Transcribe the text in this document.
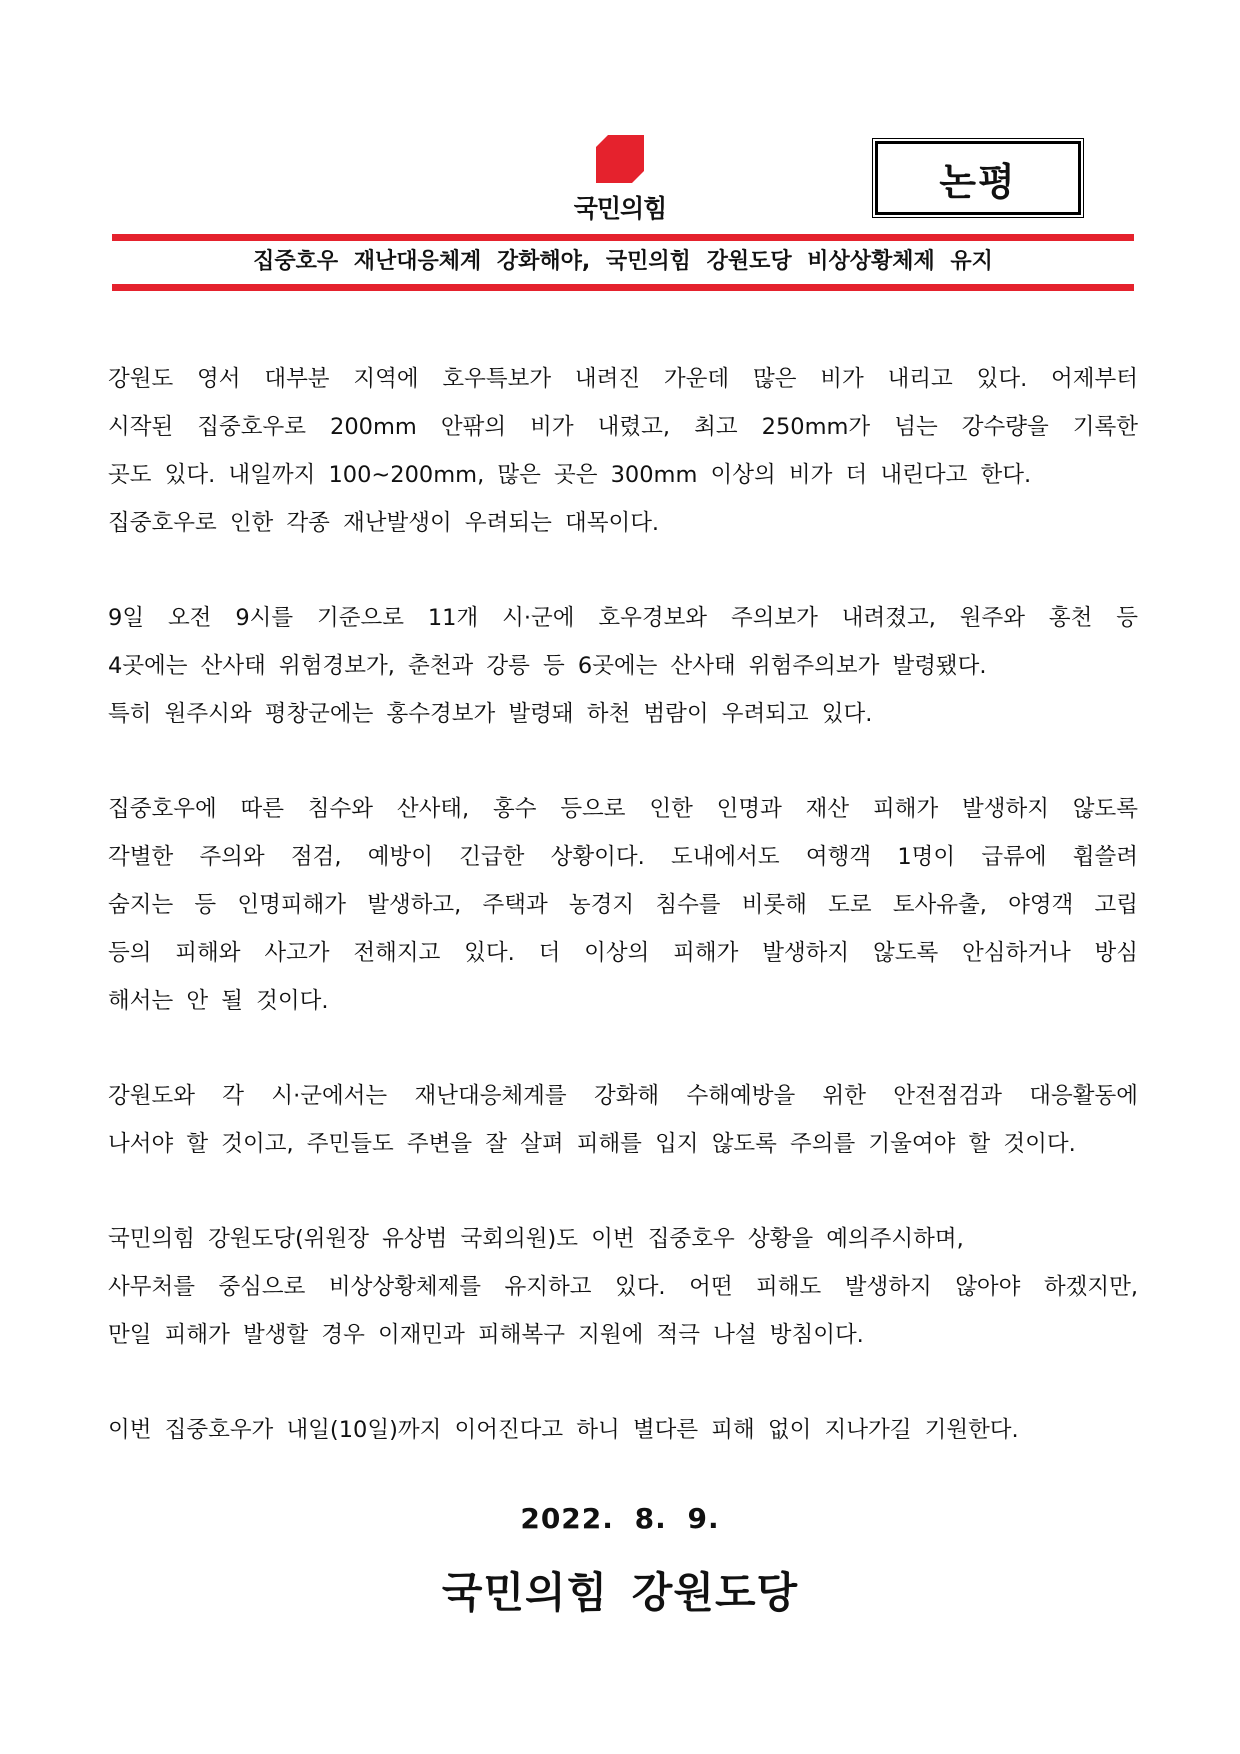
국민의힘
논평
집중호우 재난대응체계 강화해야, 국민의힘 강원도당 비상상황체제 유지
강원도 영서 대부분 지역에 호우특보가 내려진 가운데 많은 비가 내리고 있다. 어제부터
시작된 집중호우로 200mm 안팎의 비가 내렸고, 최고 250mm가 넘는 강수량을 기록한
곳도 있다. 내일까지 100~200mm, 많은 곳은 300mm 이상의 비가 더 내린다고 한다.
집중호우로 인한 각종 재난발생이 우려되는 대목이다.
9일 오전 9시를 기준으로 11개 시·군에 호우경보와 주의보가 내려졌고, 원주와 홍천 등
4곳에는 산사태 위험경보가, 춘천과 강릉 등 6곳에는 산사태 위험주의보가 발령됐다.
특히 원주시와 평창군에는 홍수경보가 발령돼 하천 범람이 우려되고 있다.
집중호우에 따른 침수와 산사태, 홍수 등으로 인한 인명과 재산 피해가 발생하지 않도록
각별한 주의와 점검, 예방이 긴급한 상황이다. 도내에서도 여행객 1명이 급류에 휩쓸려
숨지는 등 인명피해가 발생하고, 주택과 농경지 침수를 비롯해 도로 토사유출, 야영객 고립
등의 피해와 사고가 전해지고 있다. 더 이상의 피해가 발생하지 않도록 안심하거나 방심
해서는 안 될 것이다.
강원도와 각 시·군에서는 재난대응체계를 강화해 수해예방을 위한 안전점검과 대응활동에
나서야 할 것이고, 주민들도 주변을 잘 살펴 피해를 입지 않도록 주의를 기울여야 할 것이다.
국민의힘 강원도당(위원장 유상범 국회의원)도 이번 집중호우 상황을 예의주시하며,
사무처를 중심으로 비상상황체제를 유지하고 있다. 어떤 피해도 발생하지 않아야 하겠지만,
만일 피해가 발생할 경우 이재민과 피해복구 지원에 적극 나설 방침이다.
이번 집중호우가 내일(10일)까지 이어진다고 하니 별다른 피해 없이 지나가길 기원한다.
2022. 8. 9.
국민의힘 강원도당
